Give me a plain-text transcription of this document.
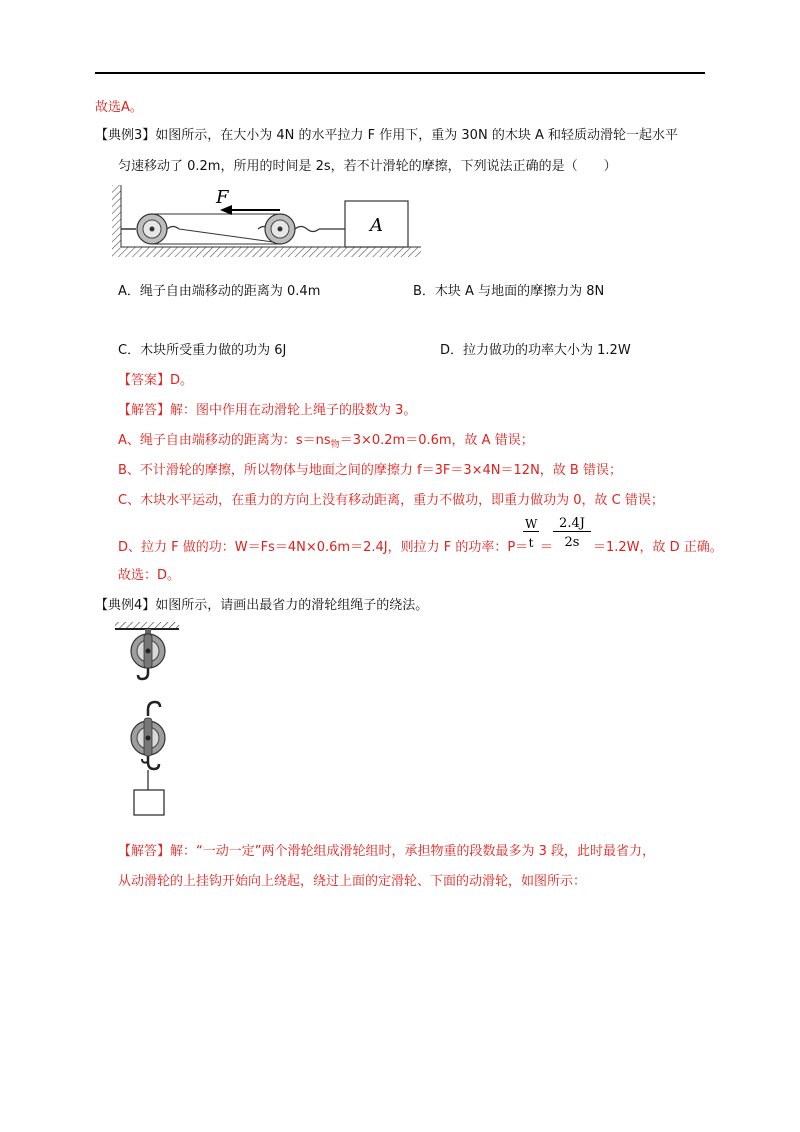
故选A。
【典例3】如图所示，在大小为 4N 的水平拉力 F 作用下，重为 30N 的木块 A 和轻质动滑轮一起水平
匀速移动了 0.2m，所用的时间是 2s，若不计滑轮的摩擦，下列说法正确的是（　　）
F
A
A．绳子自由端移动的距离为 0.4m	B．木块 A 与地面的摩擦力为 8N
C．木块所受重力做的功为 6J	D．拉力做功的功率大小为 1.2W
【答案】D。
【解答】解：图中作用在动滑轮上绳子的股数为 3。
A、绳子自由端移动的距离为：$s=ns_物=3\times 0.2m=0.6m$，故 A 错误；
B、不计滑轮的摩擦，所以物体与地面之间的摩擦力 f＝3F＝3×4N＝12N，故 B 错误；
C、木块水平运动，在重力的方向上没有移动距离，重力不做功，即重力做功为 0，故 C 错误；
D、拉力 F 做的功：W＝Fs＝4N×0.6m＝2.4J，则拉力 F 的功率：P＝
$\frac{W}{t} = \frac{2.4J}{2s} =1.2W$，故 D 正确。
故选：D。
【典例4】如图所示，请画出最省力的滑轮组绳子的绕法。
【解答】解：“一动一定”两个滑轮组成滑轮组时，承担物重的段数最多为 3 段，此时最省力，
从动滑轮的上挂钩开始向上绕起，绕过上面的定滑轮、下面的动滑轮，如图所示：
